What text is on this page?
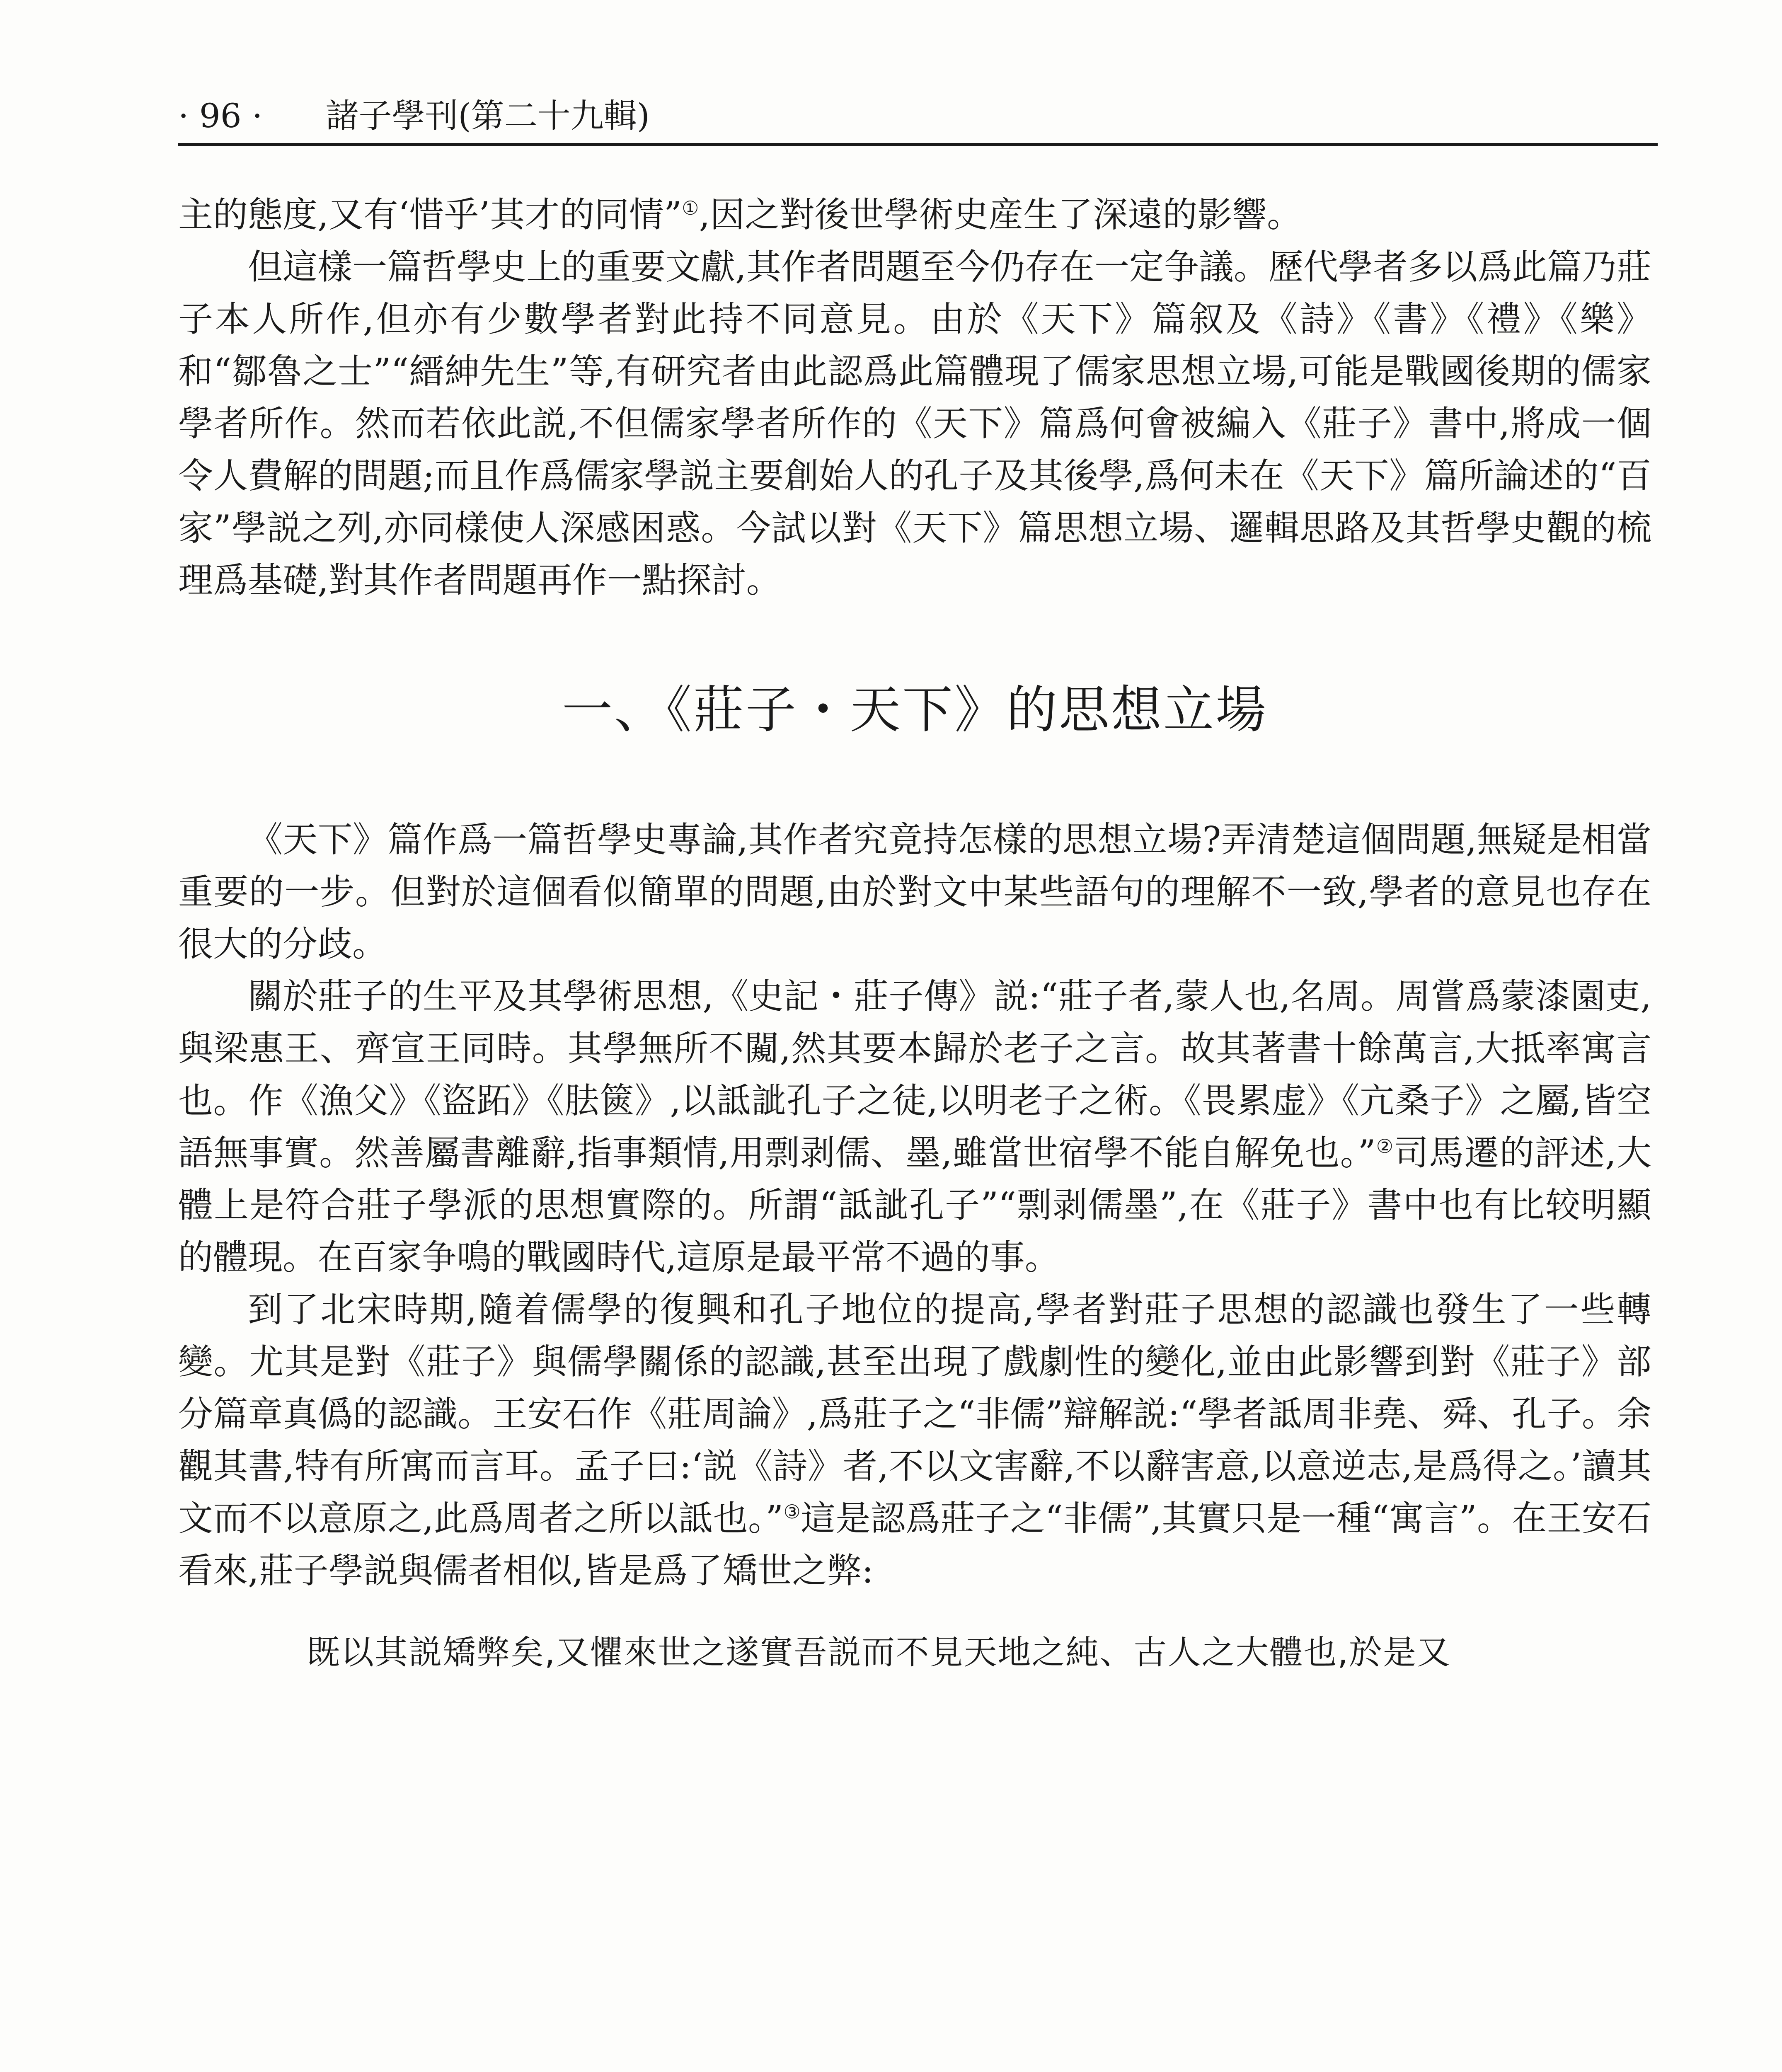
· 96 · 諸子學刊(第二十九輯)

主的態度,又有‘惜乎’其才的同情”①,因之對後世學術史産生了深遠的影響。

但這樣一篇哲學史上的重要文獻,其作者問題至今仍存在一定争議。歷代學者多以爲此篇乃莊子本人所作,但亦有少數學者對此持不同意見。由於《天下》篇叙及《詩》《書》《禮》《樂》和“鄒魯之士”“縉紳先生”等,有研究者由此認爲此篇體現了儒家思想立場,可能是戰國後期的儒家學者所作。然而若依此説,不但儒家學者所作的《天下》篇爲何會被編入《莊子》書中,將成一個令人費解的問題;而且作爲儒家學説主要創始人的孔子及其後學,爲何未在《天下》篇所論述的“百家”學説之列,亦同樣使人深感困惑。今試以對《天下》篇思想立場、邏輯思路及其哲學史觀的梳理爲基礎,對其作者問題再作一點探討。

一、《莊子・天下》的思想立場

《天下》篇作爲一篇哲學史專論,其作者究竟持怎樣的思想立場?弄清楚這個問題,無疑是相當重要的一步。但對於這個看似簡單的問題,由於對文中某些語句的理解不一致,學者的意見也存在很大的分歧。

關於莊子的生平及其學術思想,《史記・莊子傳》説:“莊子者,蒙人也,名周。周嘗爲蒙漆園吏,與梁惠王、齊宣王同時。其學無所不闚,然其要本歸於老子之言。故其著書十餘萬言,大抵率寓言也。作《漁父》《盜跖》《胠篋》,以詆訿孔子之徒,以明老子之術。《畏累虚》《亢桑子》之屬,皆空語無事實。然善屬書離辭,指事類情,用剽剥儒、墨,雖當世宿學不能自解免也。”②司馬遷的評述,大體上是符合莊子學派的思想實際的。所謂“詆訿孔子”“剽剥儒墨”,在《莊子》書中也有比较明顯的體現。在百家争鳴的戰國時代,這原是最平常不過的事。

到了北宋時期,隨着儒學的復興和孔子地位的提高,學者對莊子思想的認識也發生了一些轉變。尤其是對《莊子》與儒學關係的認識,甚至出現了戲劇性的變化,並由此影響到對《莊子》部分篇章真僞的認識。王安石作《莊周論》,爲莊子之“非儒”辯解説:“學者詆周非堯、舜、孔子。余觀其書,特有所寓而言耳。孟子曰:‘説《詩》者,不以文害辭,不以辭害意,以意逆志,是爲得之。’讀其文而不以意原之,此爲周者之所以詆也。”③這是認爲莊子之“非儒”,其實只是一種“寓言”。在王安石看來,莊子學説與儒者相似,皆是爲了矯世之弊:

既以其説矯弊矣,又懼來世之遂實吾説而不見天地之純、古人之大體也,於是又
